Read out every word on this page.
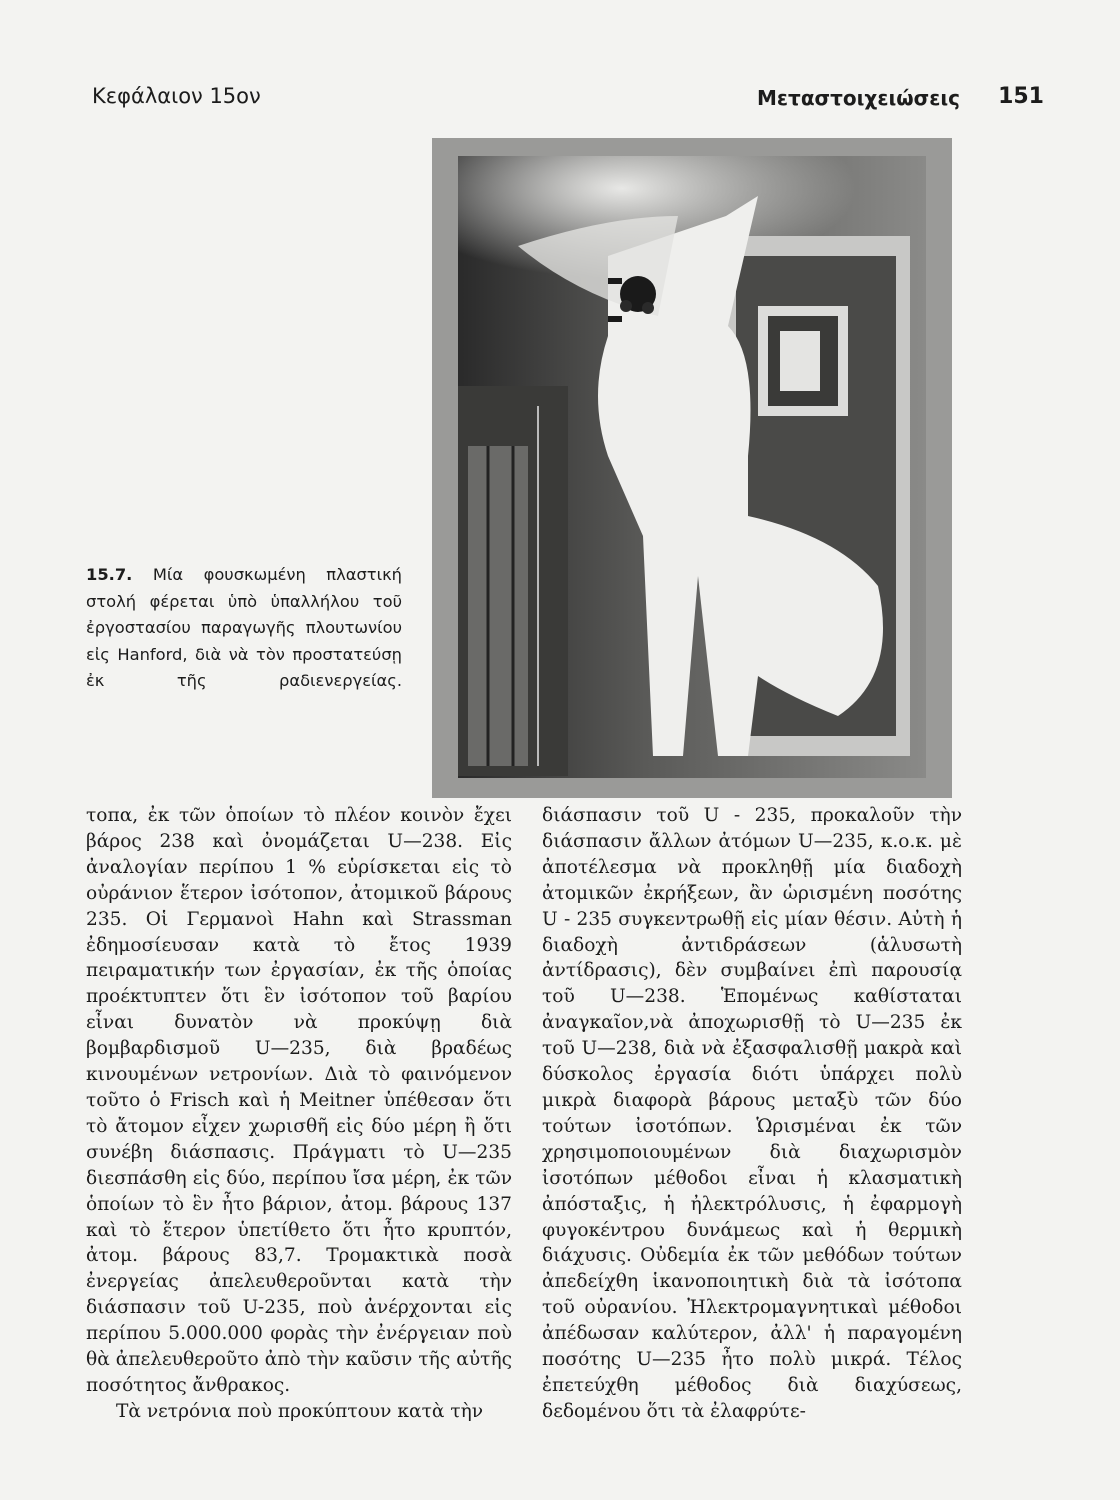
Κεφάλαιον 15ον	Μεταστοιχειώσεις 151
15.7. Μία φουσκωμένη πλαστική στολή φέρεται ὑπὸ ὑπαλλήλου τοῦ ἐργοστασίου παραγωγῆς πλουτωνίου εἰς Hanford, διὰ νὰ τὸν προστατεύσῃ ἐκ τῆς ραδιενεργείας.

τοπα, ἐκ τῶν ὁποίων τὸ πλέον κοινὸν ἔχει βάρος 238 καὶ ὀνομάζεται U—238. Εἰς ἀναλογίαν περίπου 1 % εὑρίσκεται εἰς τὸ οὐράνιον ἕτερον ἰσότοπον, ἀτομικοῦ βάρους 235. Οἱ Γερμανοὶ Hahn καὶ Strassman ἐδημοσίευσαν κατὰ τὸ ἔτος 1939 πειραματικήν των ἐργασίαν, ἐκ τῆς ὁποίας προέκτυπτεν ὅτι ἓν ἰσότοπον τοῦ βαρίου εἶναι δυνατὸν νὰ προκύψῃ διὰ βομβαρδισμοῦ U—235, διὰ βραδέως κινουμένων νετρονίων. Διὰ τὸ φαινόμενον τοῦτο ὁ Frisch καὶ ἡ Meitner ὑπέθεσαν ὅτι τὸ ἄτομον εἶχεν χωρισθῆ εἰς δύο μέρη ἢ ὅτι συνέβη διάσπασις. Πράγματι τὸ U—235 διεσπάσθη εἰς δύο, περίπου ἴσα μέρη, ἐκ τῶν ὁποίων τὸ ἓν ἦτο βάριον, ἀτομ. βάρους 137 καὶ τὸ ἕτερον ὑπετίθετο ὅτι ἦτο κρυπτόν, ἀτομ. βάρους 83,7. Τρομακτικὰ ποσὰ ἐνεργείας ἀπελευθεροῦνται κατὰ τὴν διάσπασιν τοῦ U-235, ποὺ ἀνέρχονται εἰς περίπου 5.000.000 φορὰς τὴν ἐνέργειαν ποὺ θὰ ἀπελευθεροῦτο ἀπὸ τὴν καῦσιν τῆς αὐτῆς ποσότητος ἄνθρακος.

Τὰ νετρόνια ποὺ προκύπτουν κατὰ τὴν

διάσπασιν τοῦ U - 235, προκαλοῦν τὴν διάσπασιν ἄλλων ἀτόμων U—235, κ.ο.κ. μὲ ἀποτέλεσμα νὰ προκληθῇ μία διαδοχὴ ἀτομικῶν ἐκρήξεων, ἂν ὡρισμένη ποσότης U - 235 συγκεντρωθῇ εἰς μίαν θέσιν. Αὐτὴ ἡ διαδοχὴ ἀντιδράσεων (ἁλυσωτὴ ἀντίδρασις), δὲν συμβαίνει ἐπὶ παρουσίᾳ τοῦ U—238. Ἑπομένως καθίσταται ἀναγκαῖον,νὰ ἀποχωρισθῇ τὸ U—235 ἐκ τοῦ U—238, διὰ νὰ ἐξασφαλισθῇ μακρὰ καὶ δύσκολος ἐργασία διότι ὑπάρχει πολὺ μικρὰ διαφορὰ βάρους μεταξὺ τῶν δύο τούτων ἰσοτόπων. Ὡρισμέναι ἐκ τῶν χρησιμοποιουμένων διὰ διαχωρισμὸν ἰσοτόπων μέθοδοι εἶναι ἡ κλασματικὴ ἀπόσταξις, ἡ ἠλεκτρόλυσις, ἡ ἐφαρμογὴ φυγοκέντρου δυνάμεως καὶ ἡ θερμικὴ διάχυσις. Οὐδεμία ἐκ τῶν μεθόδων τούτων ἀπεδείχθη ἱκανοποιητικὴ διὰ τὰ ἰσότοπα τοῦ οὐρανίου. Ἠλεκτρομαγνητικαὶ μέθοδοι ἀπέδωσαν καλύτερον, ἀλλ' ἡ παραγομένη ποσότης U—235 ἦτο πολὺ μικρά. Τέλος ἐπετεύχθη μέθοδος διὰ διαχύσεως, δεδομένου ὅτι τὰ ἐλαφρύτε-
